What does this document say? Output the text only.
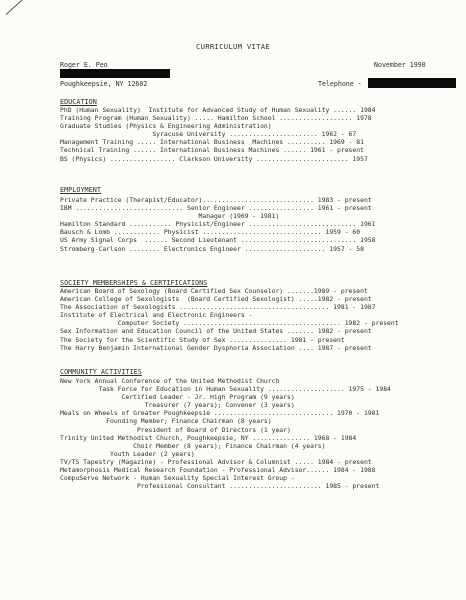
CURRICULUM VITAE
Roger E. Peo	November 1990
Poughkeepsie, NY 12602	Telephone -
EDUCATION
PhD (Human Sexuality)  Institute for Advanced Study of Human Sexuality ...... 1984
Training Program (Human Sexuality) ..... Hamilton School ................... 1978
Graduate Studies (Physics & Engineering Administration)
Syracuse University ....................... 1962 - 67
Management Training ..... International Business  Machines .......... 1969 - 81
Technical Training ...... International Business Machines ...... 1961 - present
BS (Physics) ................. Clarkson University ........................ 1957
EMPLOYMENT
Private Practice (Therapist/Educator)............................. 1983 - present
IBM ............................ Senior Engineer ................. 1961 - present
Manager (1969 - 1981)
Hamilton Standard ........... Physicist/Engineer ............................ 1961
Bausch & Lomb ............ Physicist ............................... 1959 - 60
US Army Signal Corps  ...... Second Lieutenant .............................. 1958
Stromberg-Carlson ........ Electronics Engineer ..................... 1957 - 58
SOCIETY MEMBERSHIPS & CERTIFICATIONS
American Board of Sexology (Board Certified Sex Counselor) .......1989 - present
American College of Sexologists  (Board Certified Sexologist) .....1982 - present
The Association of Sexologists ....................................... 1981 - 1987
Institute of Electrical and Electronic Engineers -
Computer Society ......................................... 1982 - present
Sex Information and Education Council of the United States ....... 1982 - present
The Society for the Scientific Study of Sex ............... 1981 - present
The Harry Benjamin International Gender Dysphoria Association .... 1987 - present
COMMUNITY ACTIVITIES
New York Annual Conference of the United Methodist Church
Task Force for Education in Human Sexuality .................... 1975 - 1984
Certified Leader - Jr. High Program (9 years)
Treasurer (7 years); Convener (3 years)
Meals on Wheels of Greater Poughkeepsie ............................... 1970 - 1981
Founding Member; Finance Chairman (8 years)
President of Board of Directors (1 year)
Trinity United Methodist Church, Poughkeepsie, NY ............... 1968 - 1984
Choir Member (8 years); Finance Chairman (4 years)
Youth Leader (2 years)
TV/TS Tapestry (Magazine) - Professional Advisor & Columnist ..... 1984 - present
Metamorphosis Medical Research Foundation - Professional Advisor...... 1984 - 1988
CompuServe Network - Human Sexuality Special Interest Group -
Professional Consultant ........................ 1985 - present
